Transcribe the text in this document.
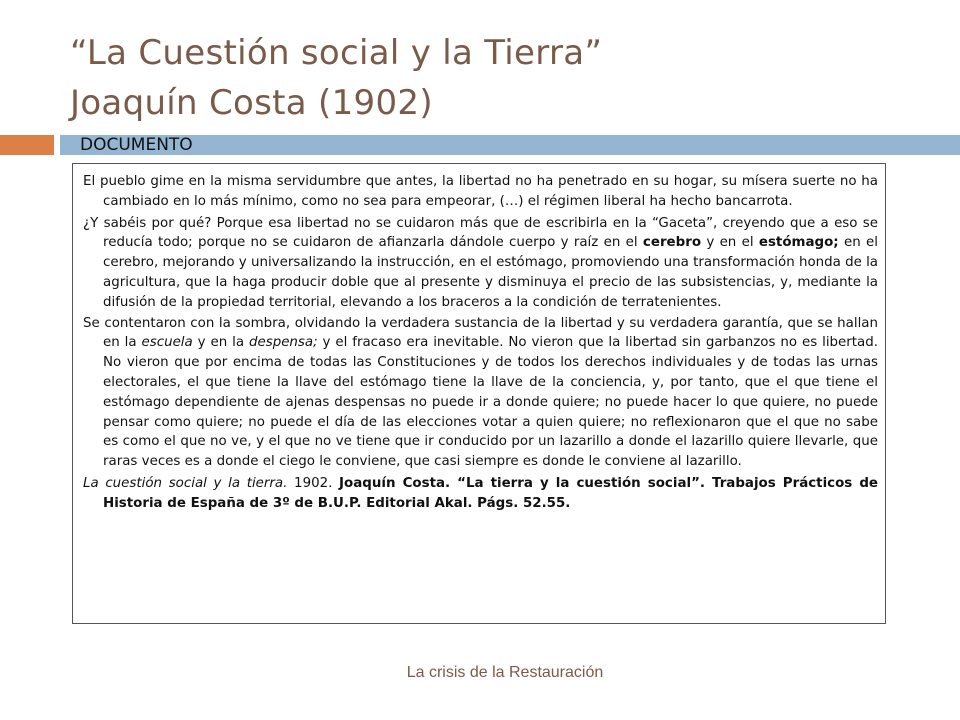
“La Cuestión social y la Tierra”
Joaquín Costa (1902)
DOCUMENTO

El pueblo gime en la misma servidumbre que antes, la libertad no ha penetrado en su hogar, su mísera suerte no ha cambiado en lo más mínimo, como no sea para empeorar, (…) el régimen liberal ha hecho bancarrota.

¿Y sabéis por qué? Porque esa libertad no se cuidaron más que de escribirla en la “Gaceta”, creyendo que a eso se reducía todo; porque no se cuidaron de afianzarla dándole cuerpo y raíz en el cerebro y en el estómago; en el cerebro, mejorando y universalizando la instrucción, en el estómago, promoviendo una transformación honda de la agricultura, que la haga producir doble que al presente y disminuya el precio de las subsistencias, y, mediante la difusión de la propiedad territorial, elevando a los braceros a la condición de terratenientes.

Se contentaron con la sombra, olvidando la verdadera sustancia de la libertad y su verdadera garantía, que se hallan en la escuela y en la despensa; y el fracaso era inevitable. No vieron que la libertad sin garbanzos no es libertad. No vieron que por encima de todas las Constituciones y de todos los derechos individuales y de todas las urnas electorales, el que tiene la llave del estómago tiene la llave de la conciencia, y, por tanto, que el que tiene el estómago dependiente de ajenas despensas no puede ir a donde quiere; no puede hacer lo que quiere, no puede pensar como quiere; no puede el día de las elecciones votar a quien quiere; no reflexionaron que el que no sabe es como el que no ve, y el que no ve tiene que ir conducido por un lazarillo a donde el lazarillo quiere llevarle, que raras veces es a donde el ciego le conviene, que casi siempre es donde le conviene al lazarillo.

La cuestión social y la tierra. 1902. Joaquín Costa. “La tierra y la cuestión social”. Trabajos Prácticos de Historia de España de 3º de B.U.P. Editorial Akal. Págs. 52.55.

La crisis de la Restauración
